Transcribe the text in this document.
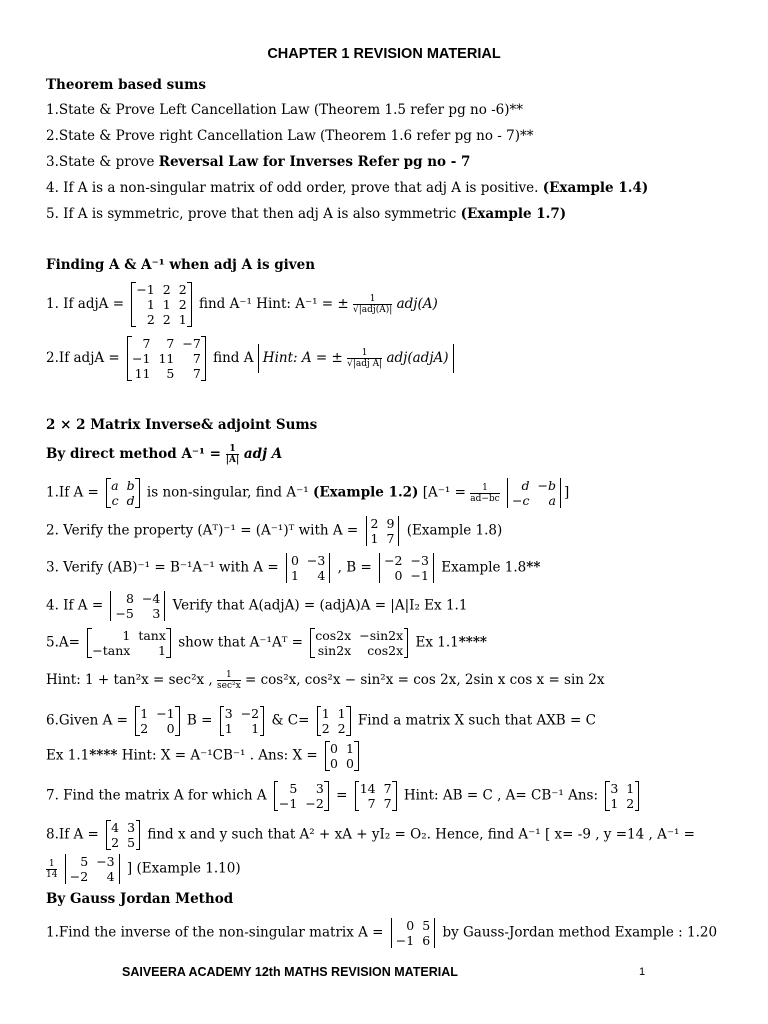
CHAPTER 1 REVISION MATERIAL
Theorem based sums
1.State & Prove Left Cancellation Law (Theorem 1.5 refer pg no -6)**
2.State & Prove right Cancellation Law (Theorem 1.6 refer pg no - 7)**
3.State & prove Reversal Law for Inverses Refer pg no - 7
4. If A is a non-singular matrix of odd order, prove that adj A is positive. (Example 1.4)
5. If A is symmetric, prove that then adj A is also symmetric (Example 1.7)
Finding A & A⁻¹ when adj A is given
1. If adjA =
−1	2	2
1	1	2
2	2	1

find A⁻¹ Hint: A⁻¹ = ± $\frac{1}{\text{√|adj(A)|}} adj(A)$
2.If adjA =
7	7	−7
−1	11	7
11	5	7

find A Hint: A = ± $\frac{1}{\text{√|adj A|}}$ adj(adjA)
2 × 2 Matrix Inverse& adjoint Sums
By direct method $A^{-1} = \frac{1}{|A|}$ adj A
1.If A = a	b
c	d is non-singular, find A⁻¹ (Example 1.2) [$A^{-1} = \frac{1}{ad-bc}$
d	−b
−c	a ]
2. Verify the property (Aᵀ)⁻¹ = (A⁻¹)ᵀ with A = 2	9
1	7 (Example 1.8)
3. Verify (AB)⁻¹ = B⁻¹A⁻¹ with A = 0	−3
1	4 , B = −2	−3
0	−1 Example 1.8**
4. If A = 8	−4
−5	3 Verify that A(adjA) = (adjA)A = |A|I₂ Ex 1.1
5.A=	1	tanx
−tanx	1 show that A⁻¹Aᵀ = cos2x	−sin2x
sin2x	cos2x Ex 1.1****
Hint: 1 + tan²x = sec²x , $\frac{1}{\text{sec²x}} = \cos^2x$, cos²x − sin²x = cos 2x, 2sin x cos x = sin 2x
6.Given A = 1	−1
2	0 B = 3	−2
1	1 & C= 1	1
2	2 Find a matrix X such that AXB = C
Ex 1.1**** Hint: X = A⁻¹CB⁻¹ . Ans: X = 0	1
0	0

7. Find the matrix A for which A 5	3
−1	−2 = 14	7
7	7 Hint: AB = C , A= CB⁻¹ Ans: 3	1
1	2

8.If A = 4	3
2	5 find x and y such that A² + xA + yI₂ = O₂. Hence, find A⁻¹ [ x= -9 , y =14 , A⁻¹ =
$\frac{1}{14}$
5	−3
−2	4 ] (Example 1.10)
By Gauss Jordan Method
1.Find the inverse of the non-singular matrix A = 0	5
−1	6 by Gauss-Jordan method Example : 1.20
SAIVEERA ACADEMY 12th MATHS REVISION MATERIAL	1
